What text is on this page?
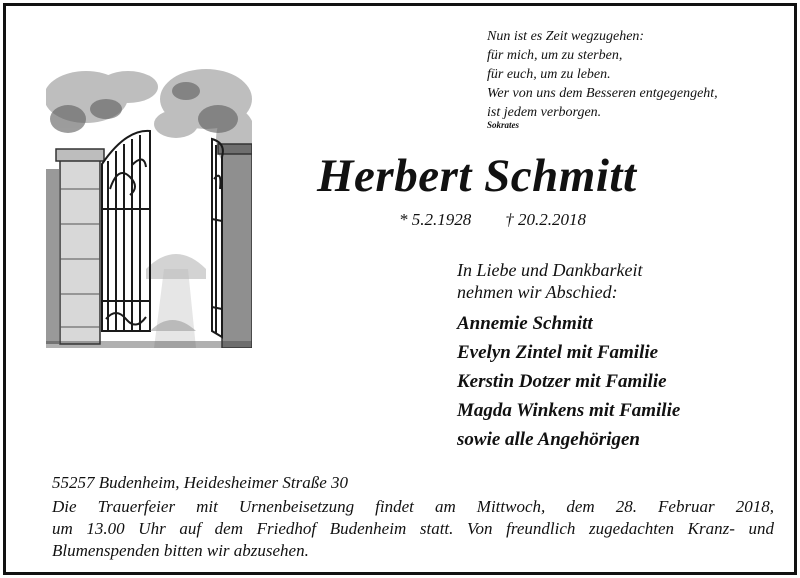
Nun ist es Zeit wegzugehen:
für mich, um zu sterben,
für euch, um zu leben.
Wer von uns dem Besseren entgegengeht,
ist jedem verborgen.
Sokrates
Herbert Schmitt
* 5.2.1928 † 20.2.2018
In Liebe und Dankbarkeit
nehmen wir Abschied:
Annemie Schmitt
Evelyn Zintel mit Familie
Kerstin Dotzer mit Familie
Magda Winkens mit Familie
sowie alle Angehörigen
55257 Budenheim, Heidesheimer Straße 30
Die Trauerfeier mit Urnenbeisetzung findet am Mittwoch, dem 28. Februar 2018,
um 13.00 Uhr auf dem Friedhof Budenheim statt. Von freundlich zugedachten Kranz- und
Blumenspenden bitten wir abzusehen.
